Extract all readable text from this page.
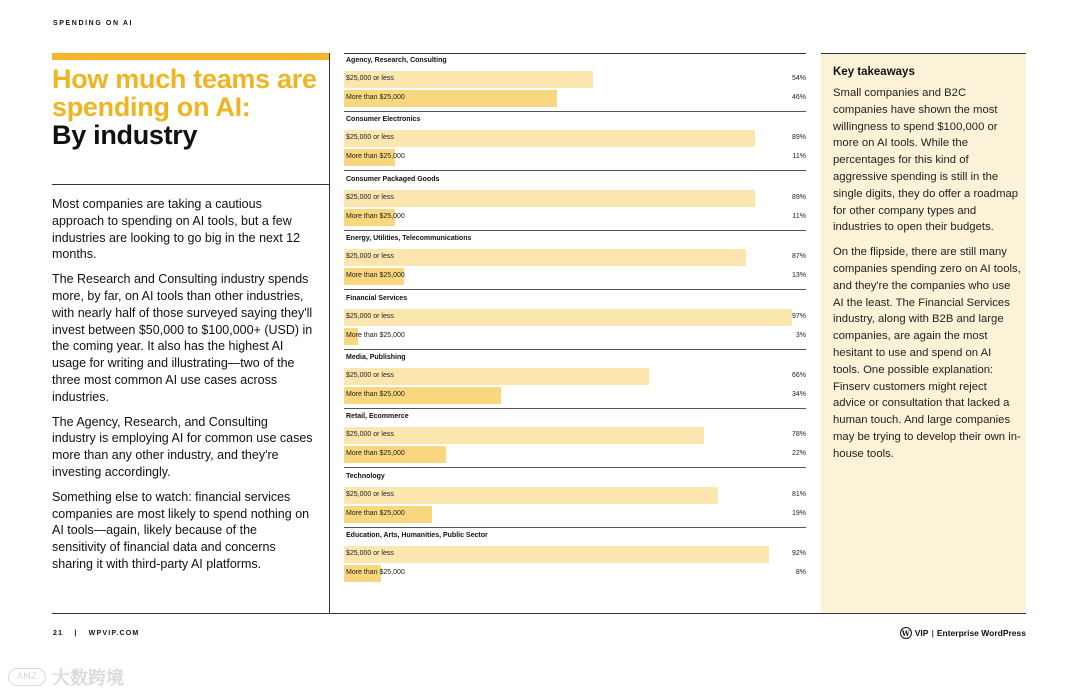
SPENDING ON AI
How much teams are spending on AI:
By industry

Most companies are taking a cautious approach to spending on AI tools, but a few industries are looking to go big in the next 12 months.

The Research and Consulting industry spends more, by far, on AI tools than other industries, with nearly half of those surveyed saying they'll invest between $50,000 to $100,000+ (USD) in the coming year. It also has the highest AI usage for writing and illustrating—two of the three most common AI use cases across industries.

The Agency, Research, and Consulting industry is employing AI for common use cases more than any other industry, and they're investing accordingly.

Something else to watch: financial services companies are most likely to spend nothing on AI tools—again, likely because of the sensitivity of financial data and concerns sharing it with third-party AI platforms.

Agency, Research, Consulting
$25,000 or less	54%
More than $25,000	46%
Consumer Electronics
$25,000 or less	89%
More than $25,000	11%
Consumer Packaged Goods
$25,000 or less	89%
More than $25,000	11%
Energy, Utilities, Telecommunications
$25,000 or less	87%
More than $25,000	13%
Financial Services
$25,000 or less	97%
More than $25,000	3%
Media, Publishing
$25,000 or less	66%
More than $25,000	34%
Retail, Ecommerce
$25,000 or less	78%
More than $25,000	22%
Technology
$25,000 or less	81%
More than $25,000	19%
Education, Arts, Humanities, Public Sector
$25,000 or less	92%
More than $25,000	8%
Key takeaways

Small companies and B2C companies have shown the most willingness to spend $100,000 or more on AI tools. While the percentages for this kind of aggressive spending is still in the single digits, they do offer a roadmap for other company types and industries to open their budgets.

On the flipside, there are still many companies spending zero on AI tools, and they're the companies who use AI the least. The Financial Services industry, along with B2B and large companies, are again the most hesitant to use and spend on AI tools. One possible explanation: Finserv customers might reject advice or consultation that lacked a human touch. And large companies may be trying to develop their own in-house tools.

21 | WPVIP.COM	W VIP | Enterprise WordPress
AMZ 大数跨境
